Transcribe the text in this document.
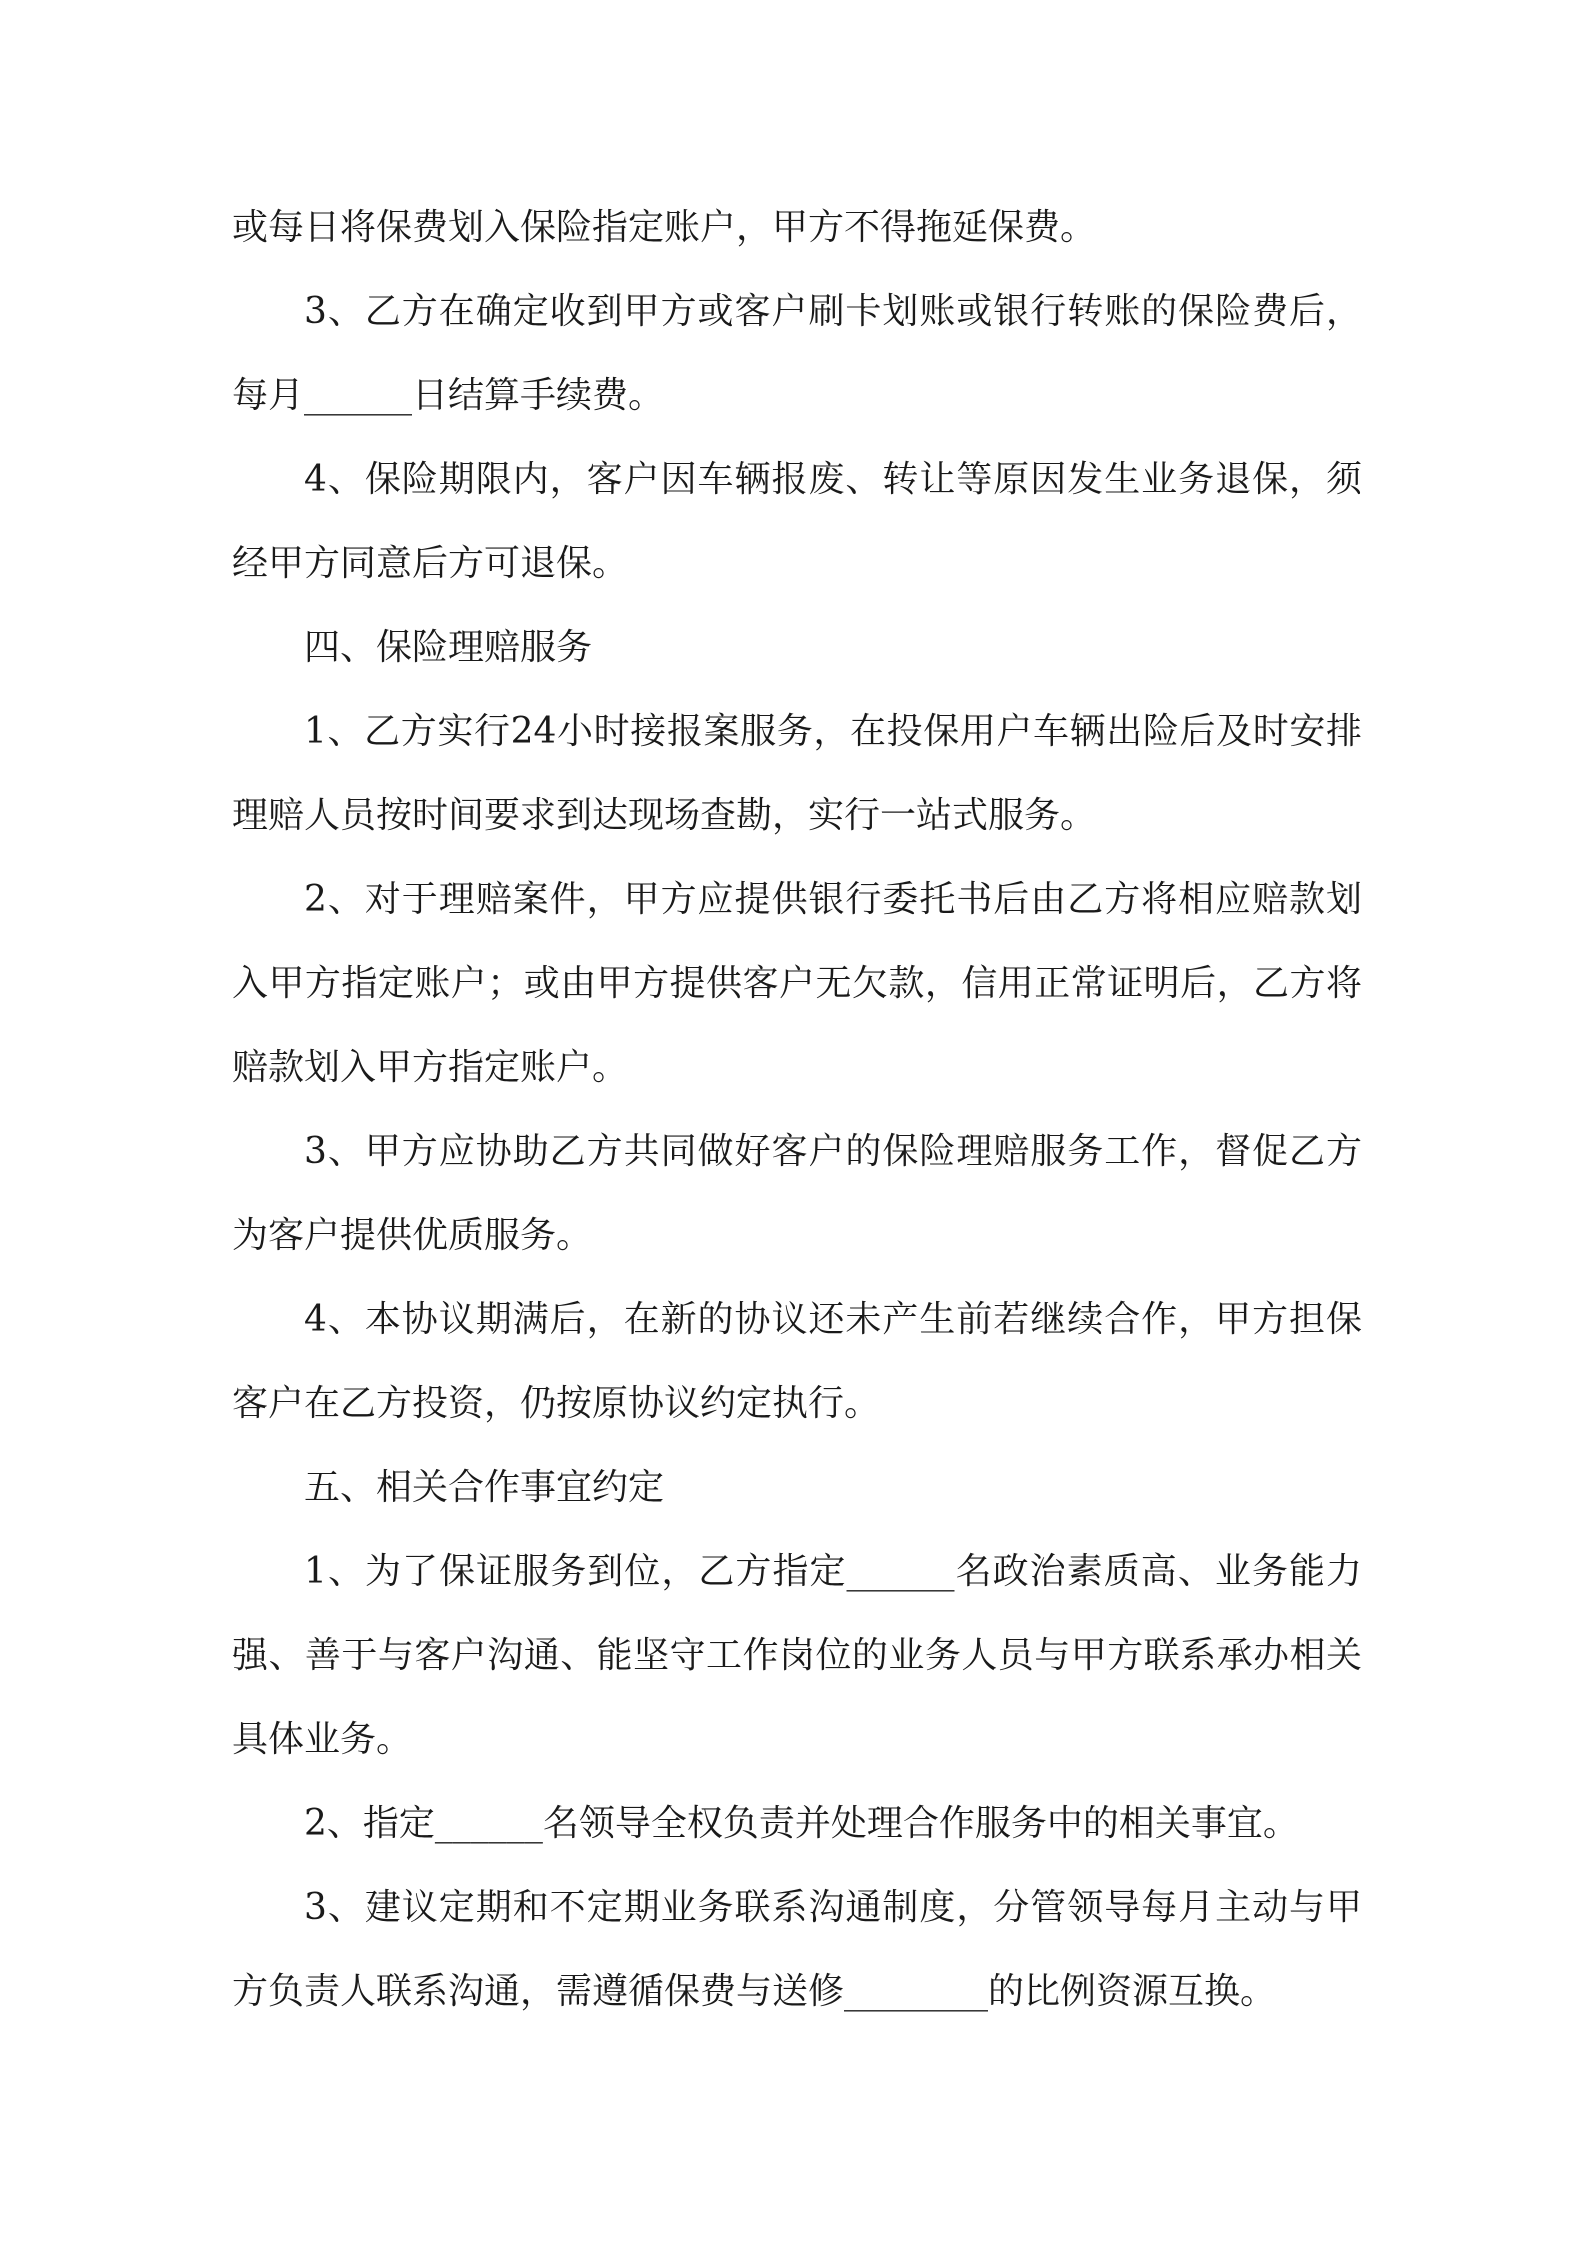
或每日将保费划入保险指定账户，甲方不得拖延保费。

3、乙方在确定收到甲方或客户刷卡划账或银行转账的保险费后，每月______日结算手续费。

4、保险期限内，客户因车辆报废、转让等原因发生业务退保，须经甲方同意后方可退保。

四、保险理赔服务

1、乙方实行24小时接报案服务，在投保用户车辆出险后及时安排理赔人员按时间要求到达现场查勘，实行一站式服务。

2、对于理赔案件，甲方应提供银行委托书后由乙方将相应赔款划入甲方指定账户；或由甲方提供客户无欠款，信用正常证明后，乙方将赔款划入甲方指定账户。

3、甲方应协助乙方共同做好客户的保险理赔服务工作，督促乙方为客户提供优质服务。

4、本协议期满后，在新的协议还未产生前若继续合作，甲方担保客户在乙方投资，仍按原协议约定执行。

五、相关合作事宜约定

1、为了保证服务到位，乙方指定______名政治素质高、业务能力强、善于与客户沟通、能坚守工作岗位的业务人员与甲方联系承办相关具体业务。

2、指定______名领导全权负责并处理合作服务中的相关事宜。

3、建议定期和不定期业务联系沟通制度，分管领导每月主动与甲方负责人联系沟通，需遵循保费与送修________的比例资源互换。
